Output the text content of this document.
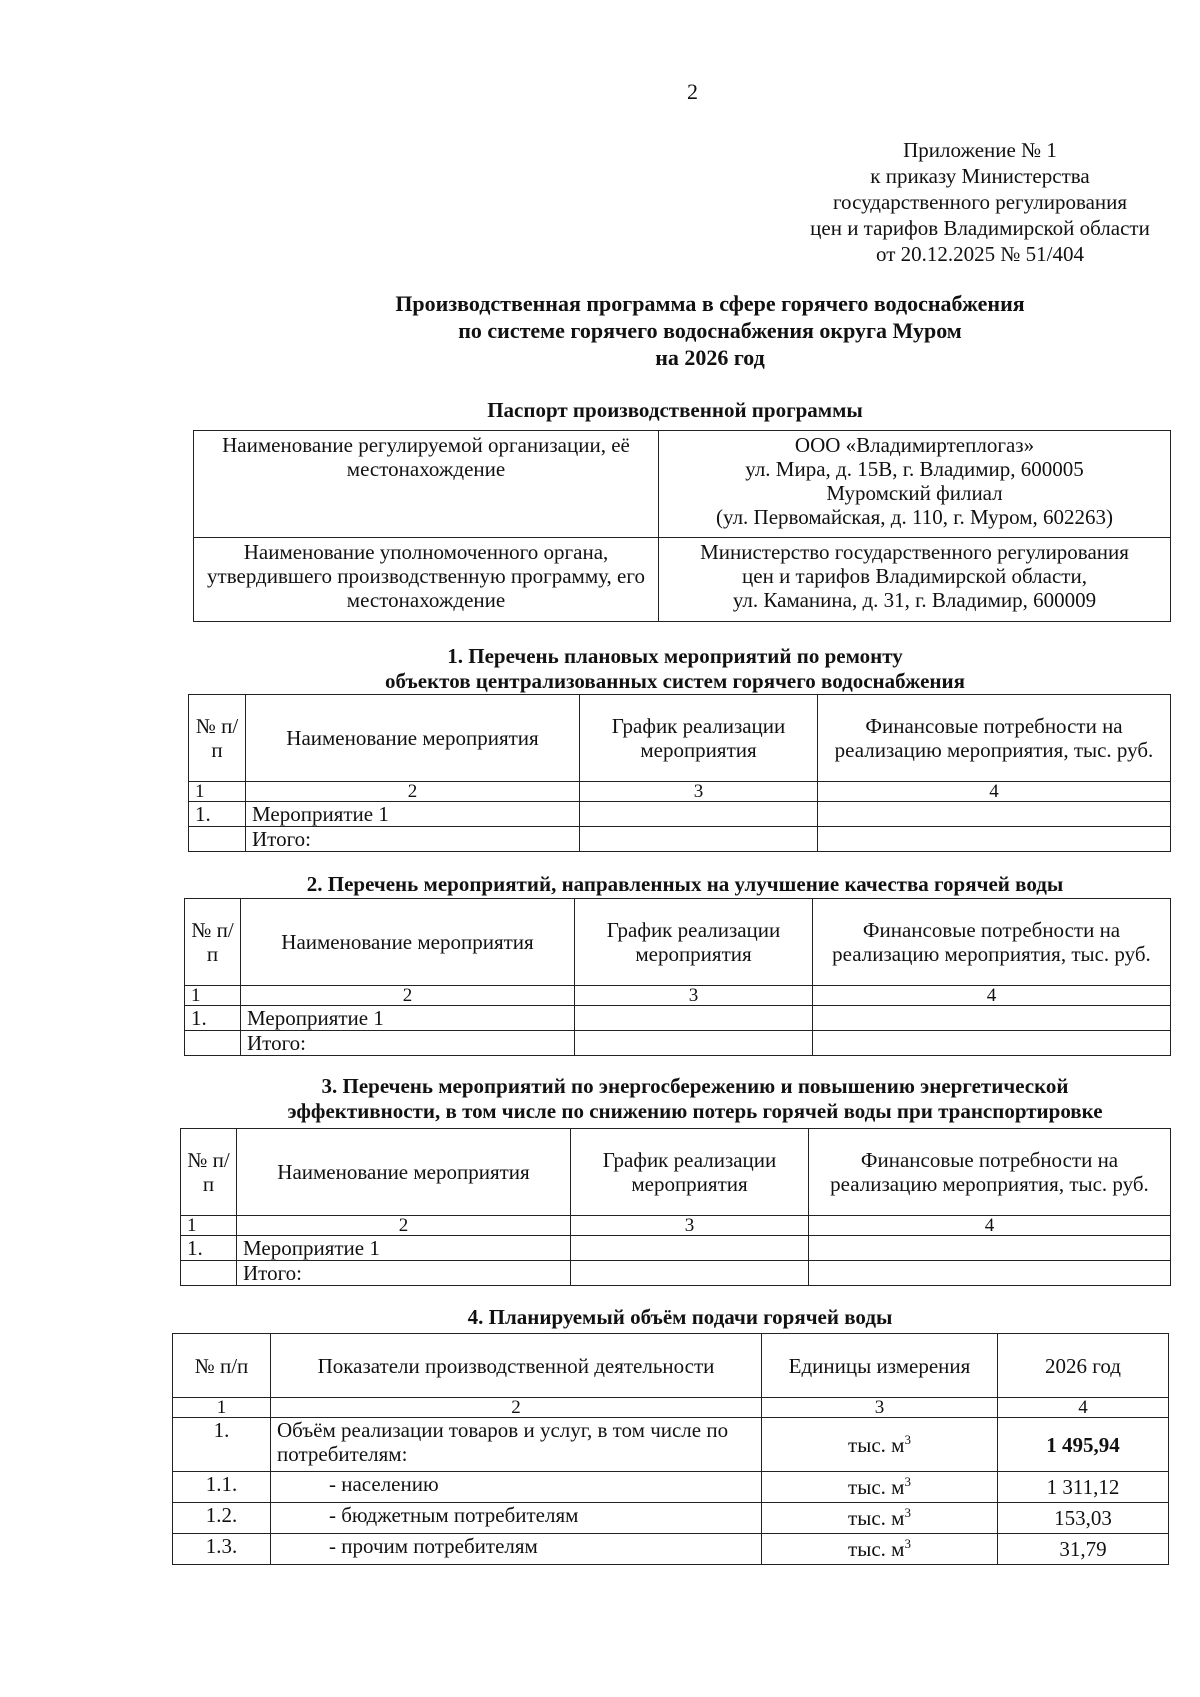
2
Приложение № 1
к приказу Министерства
государственного регулирования
цен и тарифов Владимирской области
от 20.12.2025 № 51/404
Производственная программа в сфере горячего водоснабжения
по системе горячего водоснабжения округа Муром
на 2026 год
Паспорт производственной программы
Наименование регулируемой организации, её местонахождение	ООО «Владимиртеплогаз»
ул. Мира, д. 15В, г. Владимир, 600005
Муромский филиал
(ул. Первомайская, д. 110, г. Муром, 602263)

Наименование уполномоченного органа, утвердившего производственную программу, его местонахождение	Министерство государственного регулирования
цен и тарифов Владимирской области,
ул. Каманина, д. 31, г. Владимир, 600009
1. Перечень плановых мероприятий по ремонту
объектов централизованных систем горячего водоснабжения
№ п/п	Наименование мероприятия	График реализации мероприятия	Финансовые потребности на реализацию мероприятия, тыс. руб.
1	2	3	4
1.	Мероприятие 1		
	Итого:		
2. Перечень мероприятий, направленных на улучшение качества горячей воды
№ п/п	Наименование мероприятия	График реализации мероприятия	Финансовые потребности на реализацию мероприятия, тыс. руб.
1	2	3	4
1.	Мероприятие 1		
	Итого:		
3. Перечень мероприятий по энергосбережению и повышению энергетической
эффективности, в том числе по снижению потерь горячей воды при транспортировке
№ п/п	Наименование мероприятия	График реализации мероприятия	Финансовые потребности на реализацию мероприятия, тыс. руб.
1	2	3	4
1.	Мероприятие 1		
	Итого:		
4. Планируемый объём подачи горячей воды
№ п/п	Показатели производственной деятельности	Единицы измерения	2026 год
1	2	3	4
1.	Объём реализации товаров и услуг, в том числе по потребителям:	тыс. $м^3$	1 495,94
1.1.	- населению	тыс. $м^3$	1 311,12
1.2.	- бюджетным потребителям	тыс. $м^3$	153,03
1.3.	- прочим потребителям	тыс. $м^3$	31,79
